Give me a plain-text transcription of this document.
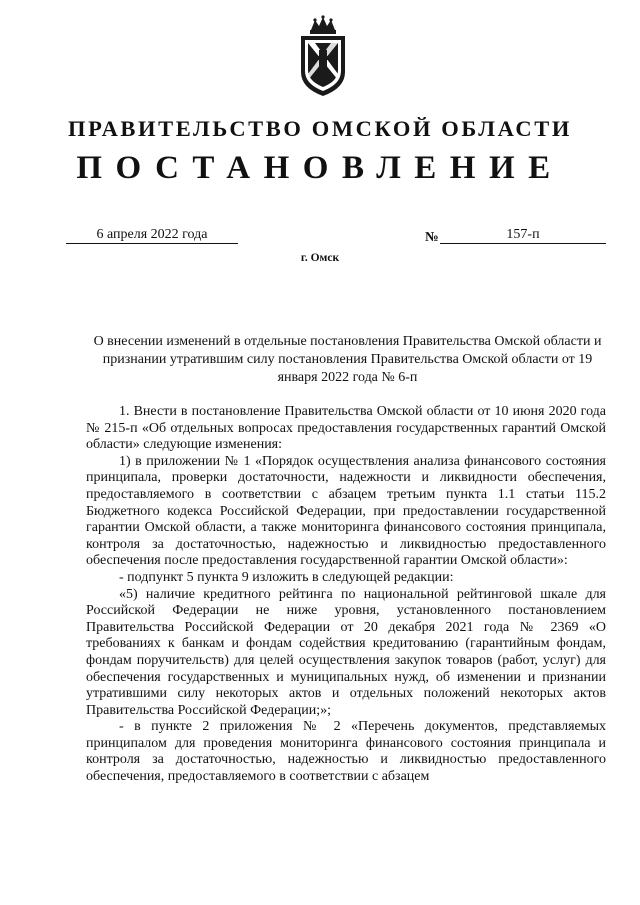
ПРАВИТЕЛЬСТВО ОМСКОЙ ОБЛАСТИ
ПОСТАНОВЛЕНИЕ
6 апреля 2022 года	№	157-п
г. Омск
О внесении изменений в отдельные постановления Правительства Омской области и признании утратившим силу постановления Правительства Омской области от 19 января 2022 года № 6-п

1. Внести в постановление Правительства Омской области от 10 июня 2020 года № 215-п «Об отдельных вопросах предоставления государственных гарантий Омской области» следующие изменения:

1) в приложении № 1 «Порядок осуществления анализа финансового состояния принципала, проверки достаточности, надежности и ликвидности обеспечения, предоставляемого в соответствии с абзацем третьим пункта 1.1 статьи 115.2 Бюджетного кодекса Российской Федерации, при предоставлении государственной гарантии Омской области, а также мониторинга финансового состояния принципала, контроля за достаточностью, надежностью и ликвидностью предоставленного обеспечения после предоставления государственной гарантии Омской области»:

- подпункт 5 пункта 9 изложить в следующей редакции:

«5) наличие кредитного рейтинга по национальной рейтинговой шкале для Российской Федерации не ниже уровня, установленного постановлением Правительства Российской Федерации от 20 декабря 2021 года № 2369 «О требованиях к банкам и фондам содействия кредитованию (гарантийным фондам, фондам поручительств) для целей осуществления закупок товаров (работ, услуг) для обеспечения государственных и муниципальных нужд, об изменении и признании утратившими силу некоторых актов и отдельных положений некоторых актов Правительства Российской Федерации;»;

- в пункте 2 приложения № 2 «Перечень документов, представляемых принципалом для проведения мониторинга финансового состояния принципала и контроля за достаточностью, надежностью и ликвидностью предоставленного обеспечения, предоставляемого в соответствии с абзацем
